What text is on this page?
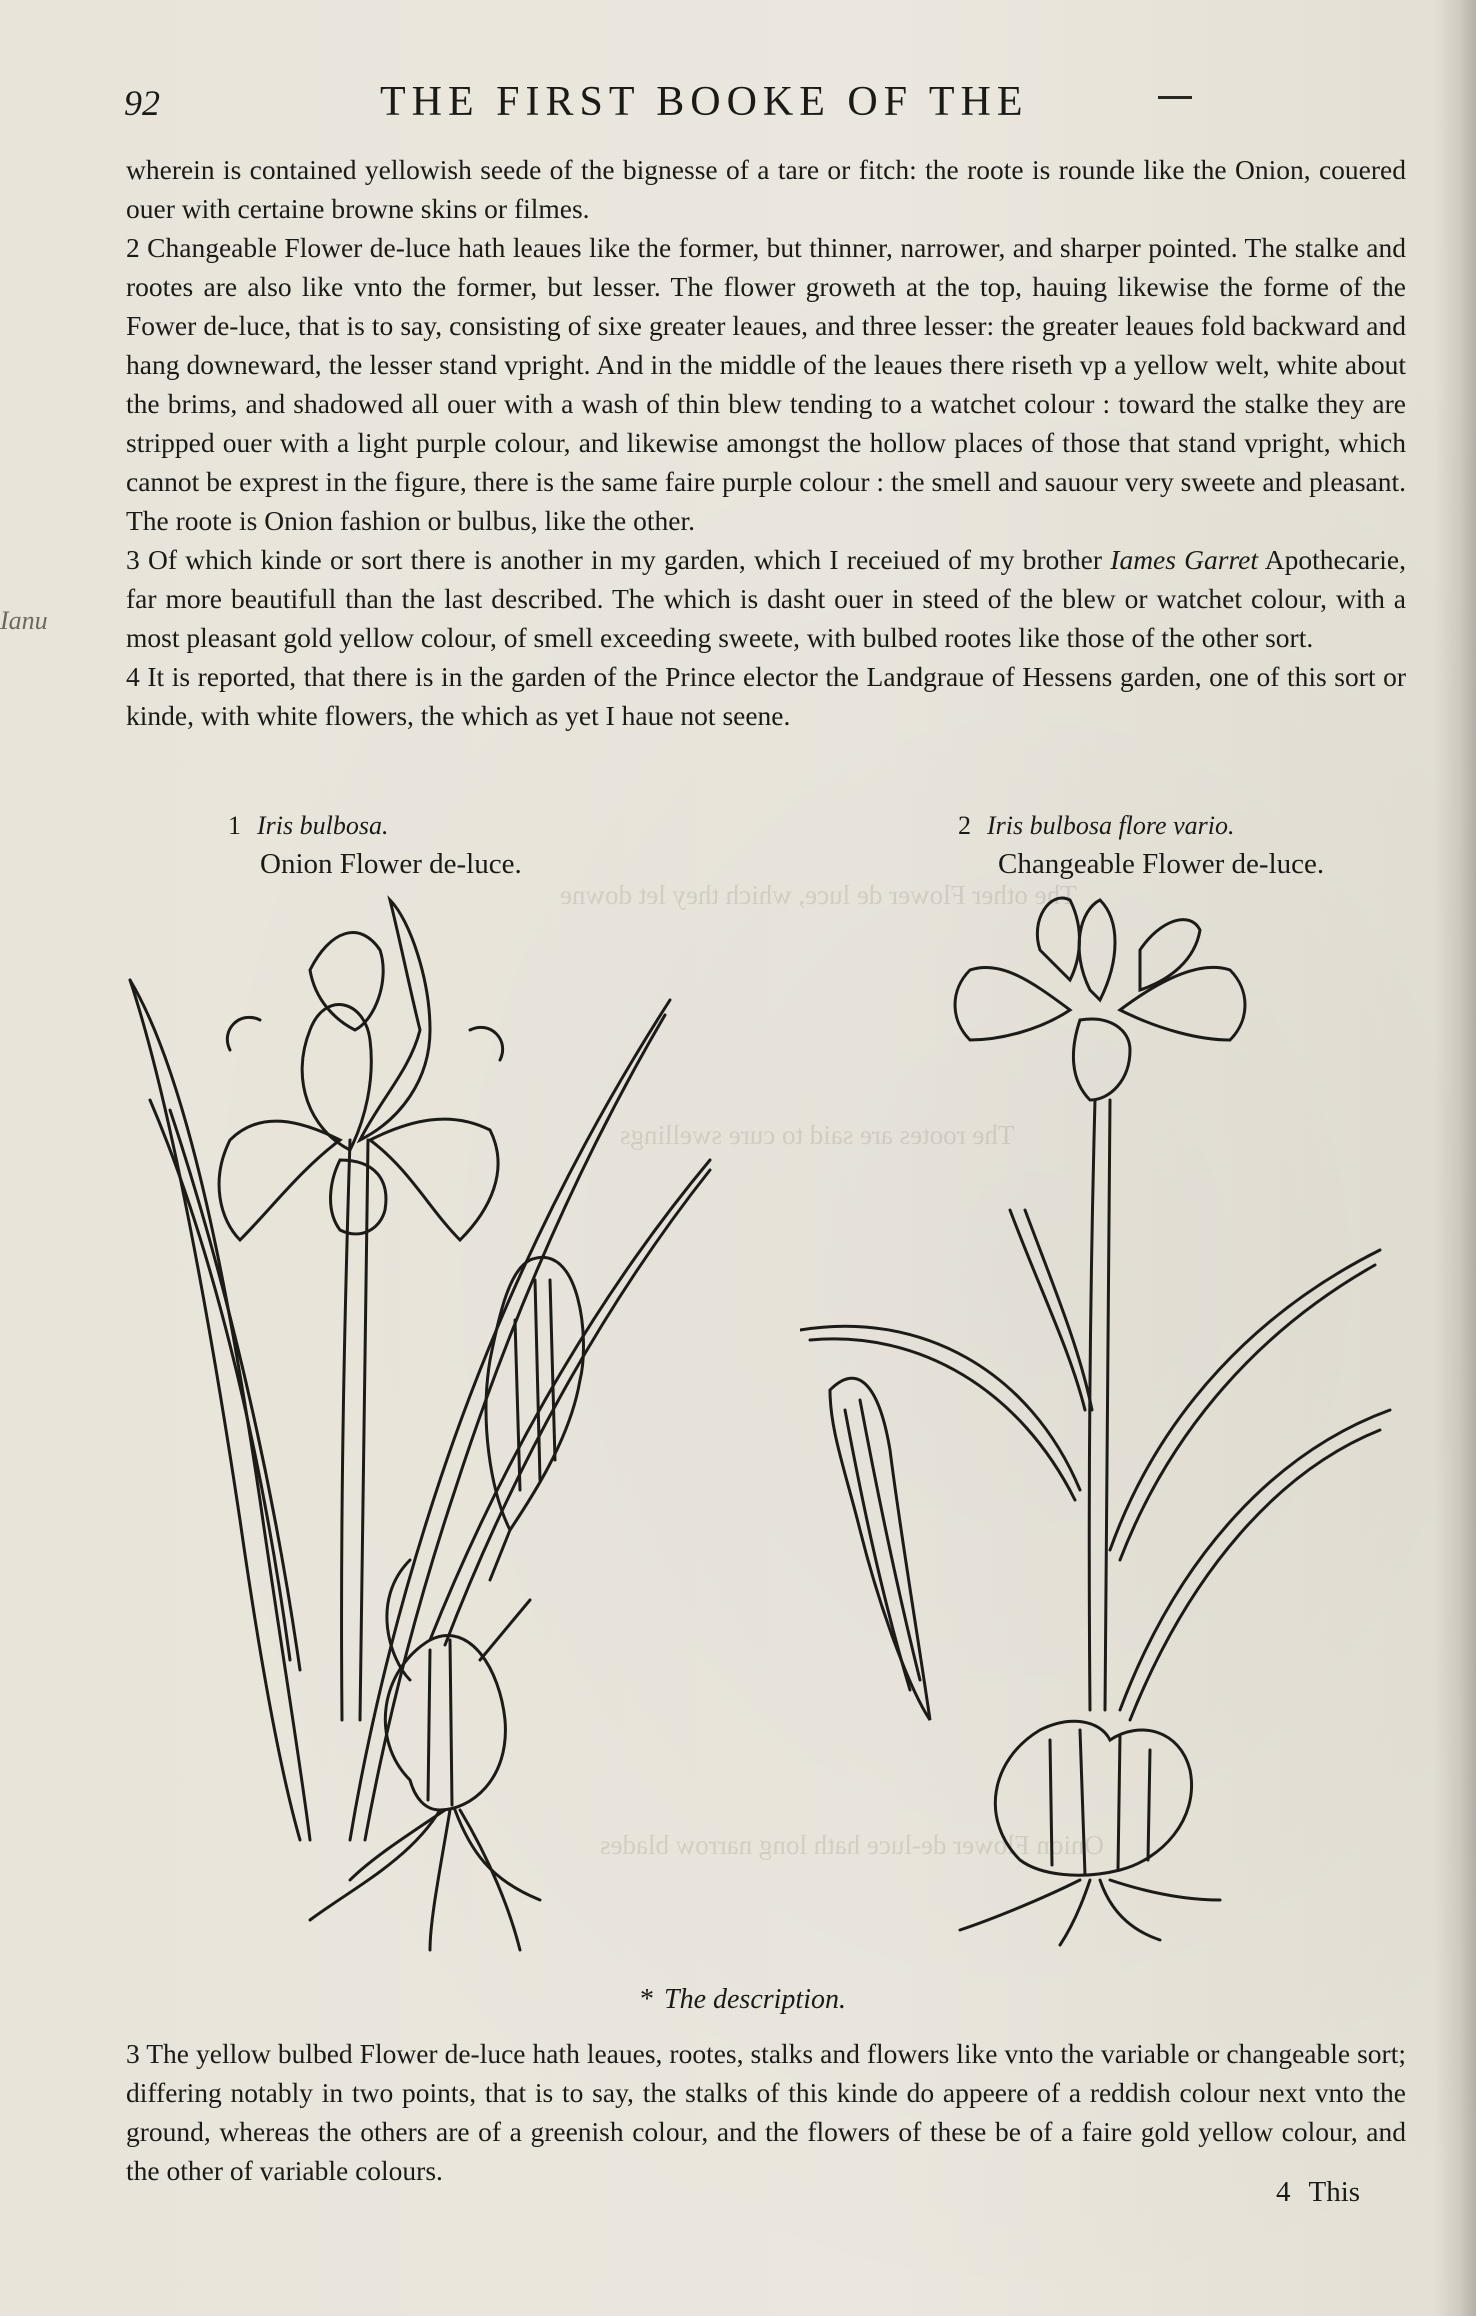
The other Flower de luce, which they let downe
The rootes are said to cure swellings
Onion Flower de-luce hath long narrow blades
92	THE FIRST BOOKE OF THE

wherein is contained yellowish seede of the bignesse of a tare or fitch: the roote is rounde like the Onion, couered ouer with certaine browne skins or filmes.

2 Changeable Flower de-luce hath leaues like the former, but thinner, narrower, and sharper pointed. The stalke and rootes are also like vnto the former, but lesser. The flower groweth at the top, hauing likewise the forme of the Fower de-luce, that is to say, consisting of sixe greater leaues, and three lesser: the greater leaues fold backward and hang downeward, the lesser stand vpright. And in the middle of the leaues there riseth vp a yellow welt, white about the brims, and shadowed all ouer with a wash of thin blew tending to a watchet colour : toward the stalke they are stripped ouer with a light purple colour, and likewise amongst the hollow places of those that stand vpright, which cannot be exprest in the figure, there is the same faire purple colour : the smell and sauour very sweete and pleasant. The roote is Onion fashion or bulbus, like the other.

3 Of which kinde or sort there is another in my garden, which I receiued of my brother Iames Garret Apothecarie, far more beautifull than the last described. The which is dasht ouer in steed of the blew or watchet colour, with a most pleasant gold yellow colour, of smell exceeding sweete, with bulbed rootes like those of the other sort.

4 It is reported, that there is in the garden of the Prince elector the Landgraue of Hessens garden, one of this sort or kinde, with white flowers, the which as yet I haue not seene.

Ianu
1 Iris bulbosa.
Onion Flower de-luce.
2 Iris bulbosa flore vario.
Changeable Flower de-luce.
* The description.

3 The yellow bulbed Flower de-luce hath leaues, rootes, stalks and flowers like vnto the variable or changeable sort; differing notably in two points, that is to say, the stalks of this kinde do appeere of a reddish colour next vnto the ground, whereas the others are of a greenish colour, and the flowers of these be of a faire gold yellow colour, and the other of variable colours.

4 This
